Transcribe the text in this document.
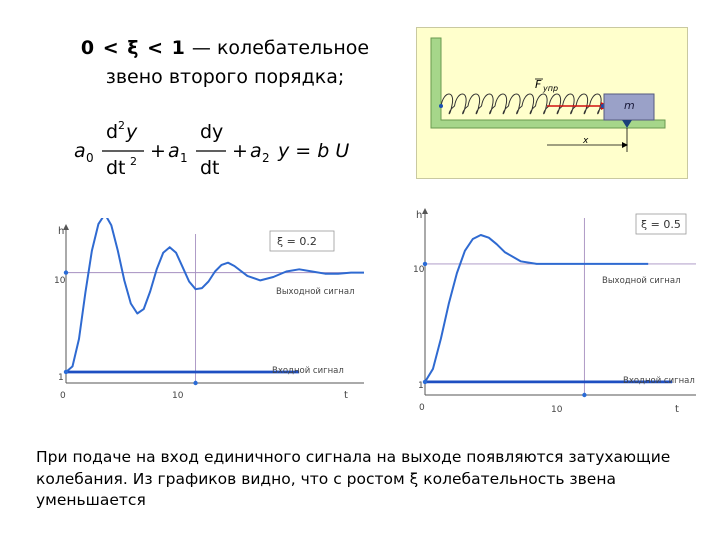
0 < ξ < 1 — колебательное
звено второго порядка;
a 0
d 2 y
dt 2 + a 1
dy
dt
+ a 2 y = b U
F упр
m
x
ξ = 0.2
h
t
0	10
1
10
Выходной сигнал
Входной сигнал
ξ = 0.5
h
t
0	10
1
10
Выходной сигнал
Входной сигнал
При подаче на вход единичного сигнала на выходе появляются затухающие колебания. Из графиков видно, что с ростом ξ колебательность звена уменьшается
